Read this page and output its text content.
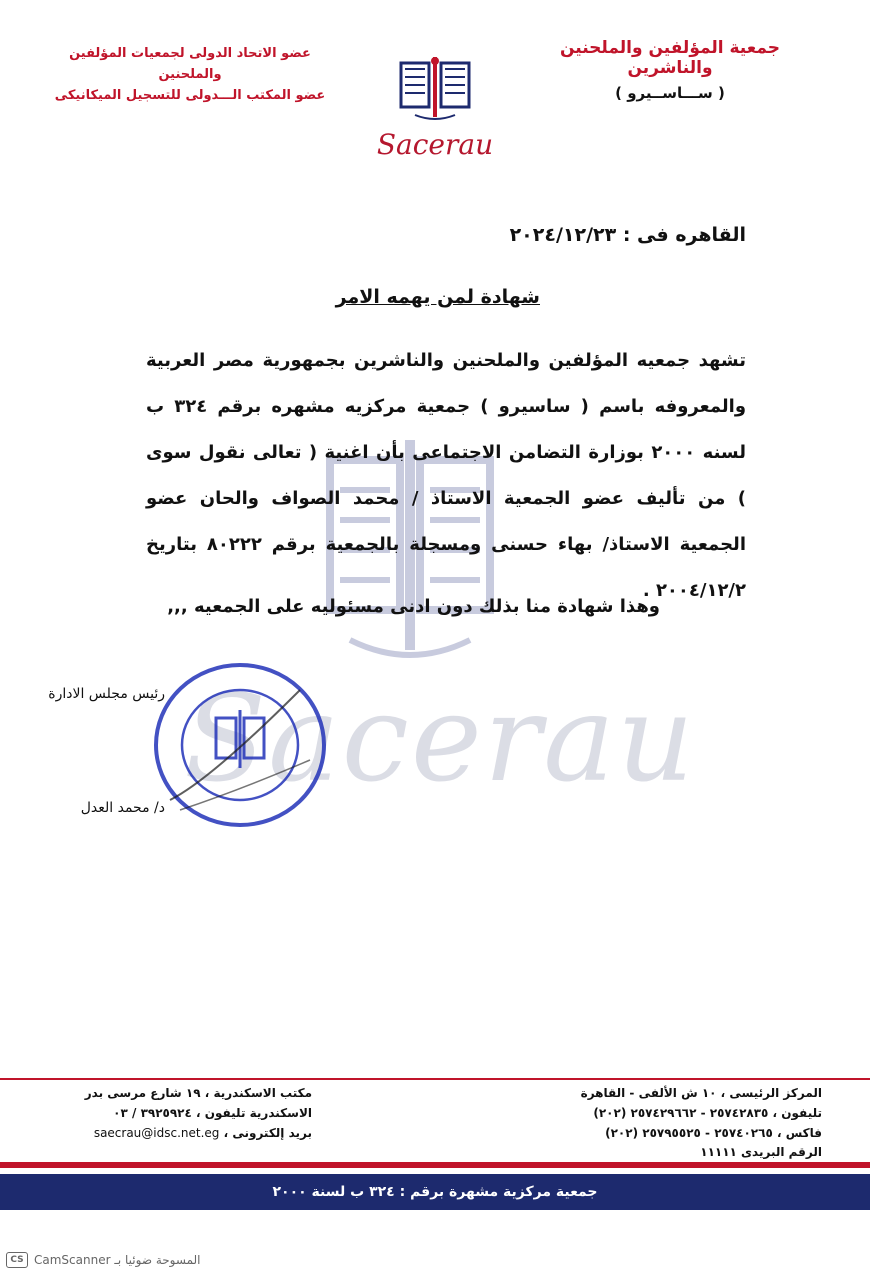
جمعية المؤلفين والملحنين والناشرين
( ســـاســيرو )
عضو الاتحاد الدولى لجمعيات المؤلفين والملحنين
عضو المكتب الـــدولى للتسجيل الميكانيكى
Sacerau
Sacerau
القاهره فى : ٢٠٢٤/١٢/٢٣
شهادة لمن يهمه الامر
تشهد جمعيه المؤلفين والملحنين والناشرين بجمهورية مصر العربية والمعروفه باسم ( ساسيرو ) جمعية مركزيه مشهره برقم ٣٢٤ ب لسنه ٢٠٠٠ بوزارة التضامن الاجتماعى بأن اغنية ( تعالى نقول سوى ) من تأليف عضو الجمعية الاستاذ / محمد الصواف والحان عضو الجمعية الاستاذ/ بهاء حسنى ومسجلة بالجمعية برقم ٨٠٢٢٢ بتاريخ ٢٠٠٤/١٢/٢ .
وهذا شهادة منا بذلك دون ادنى مسئوليه على الجمعيه ,,,
رئيس مجلس الادارة
د/ محمد العدل
المركز الرئيسى ، ١٠ ش الألفى - القاهرة
تليفون ، ٢٥٧٤٢٨٣٥ - ٢٥٧٤٢٩٦٦٢ (٢٠٢)
فاكس ، ٢٥٧٤٠٢٦٥ - ٢٥٧٩٥٥٢٥ (٢٠٢)
الرقم البريدى ١١١١١
مكتب الاسكندرية ، ١٩ شارع مرسى بدر
الاسكندرية تليفون ، ٣٩٢٥٩٢٤ / ٠٣
بريد إلكترونى ، saecrau@idsc.net.eg
جمعية مركزية مشهرة برقم : ٣٢٤ ب لسنة ٢٠٠٠
CS CamScanner المسوحة ضوئيا بـ
